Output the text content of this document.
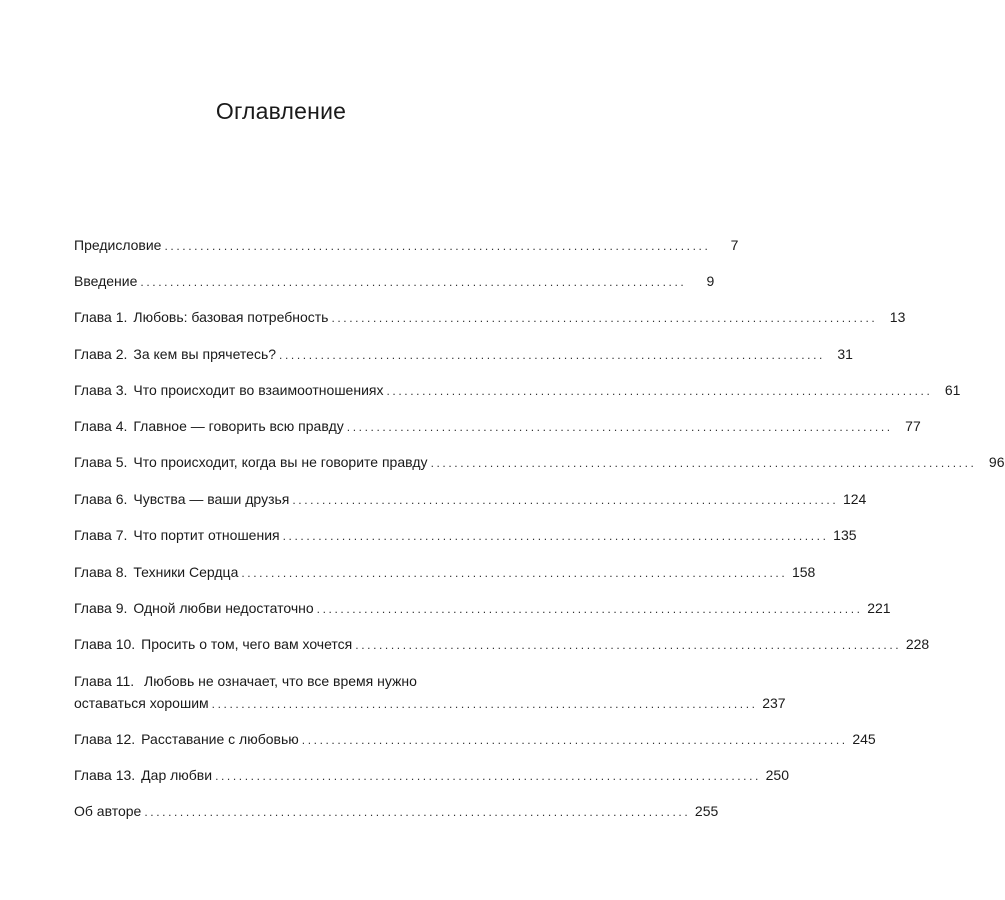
Оглавление
Предисловие ............................................................................................	7
Введение ............................................................................................	9
Глава 1. Любовь: базовая потребность ............................................................................................ 13
Глава 2. За кем вы прячетесь? ............................................................................................ 31
Глава 3. Что происходит во взаимоотношениях ............................................................................................ 61
Глава 4. Главное — говорить всю правду ............................................................................................ 77
Глава 5. Что происходит, когда вы не говорите правду ............................................................................................ 96
Глава 6. Чувства — ваши друзья ............................................................................................ 124
Глава 7. Что портит отношения ............................................................................................ 135
Глава 8. Техники Сердца ............................................................................................ 158
Глава 9. Одной любви недостаточно ............................................................................................ 221
Глава 10. Просить о том, чего вам хочется ............................................................................................ 228
Глава 11. Любовь не означает, что все время нужно
оставаться хорошим ............................................................................................ 237
Глава 12. Расставание с любовью ............................................................................................ 245
Глава 13. Дар любви ............................................................................................ 250
Об авторе ............................................................................................ 255
